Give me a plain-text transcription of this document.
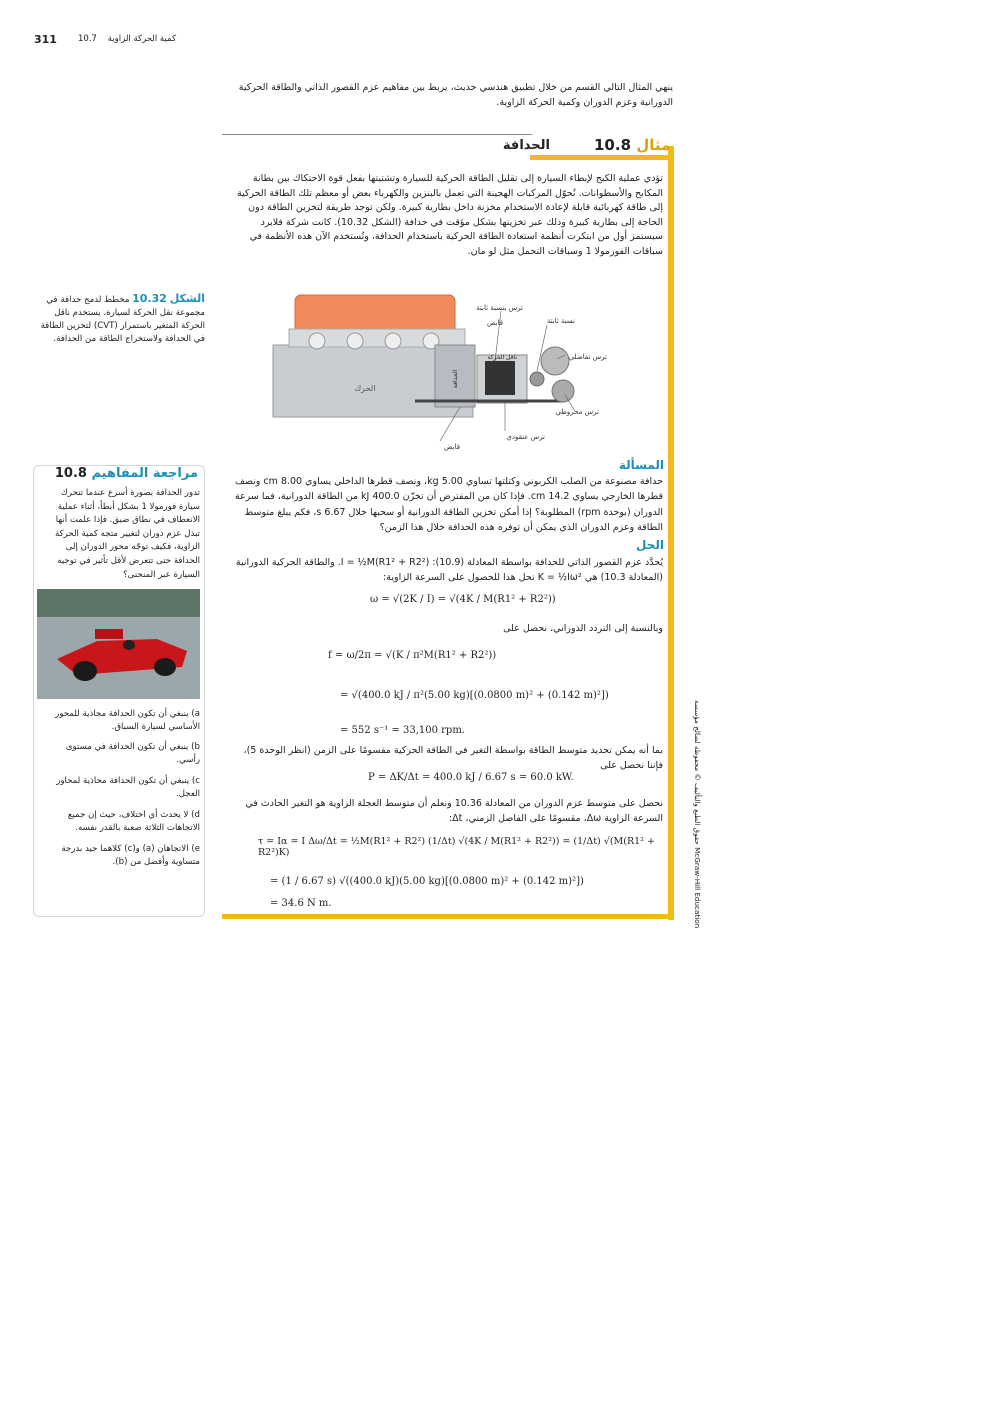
311	كمية الحركة الزاوية    10.7
ينهي المثال التالي القسم من خلال تطبيق هندسي حديث، يربط بين مفاهيم عزم القصور الذاتي والطاقة الحركية الدورانية وعزم الدوران وكمية الحركة الزاوية.
10.8 مثال
الحدافة
تؤدي عملية الكبح لإبطاء السيارة إلى تقليل الطاقة الحركية للسيارة وتشتيتها بفعل قوة الاحتكاك بين بطانة المكابح والأسطوانات. تُحوّل المركبات الهجينة التي تعمل بالبنزين والكهرباء بعض أو معظم تلك الطاقة الحركية إلى طاقة كهربائية قابلة لإعادة الاستخدام مخزنة داخل بطارية كبيرة. ولكن توجد طريقة لتخزين الطاقة دون الحاجة إلى بطارية كبيرة وذلك عبر تخزينها بشكل مؤقت في حدافة (الشكل 10.32). كانت شركة فلايرد سيستمز أول من ابتكرت أنظمة استعادة الطاقة الحركية باستخدام الحدافة، وتُستخدم الآن هذه الأنظمة في سباقات الفورمولا 1 وسباقات التحمل مثل لو مان.
ترس بنسبة ثابتة
قابض	نسبة ثابتة
ترس تفاضلي
ناقل الحركة
الحدافة
الحرك
ترس مخروطي
ترس عنقودي
قابض
المسألة
حدافة مصنوعة من الصلب الكربوني وكتلتها تساوي 5.00 kg، ونصف قطرها الداخلي يساوي 8.00 cm ونصف قطرها الخارجي يساوي 14.2 cm. فإذا كان من المفترض أن تخزّن 400.0 kJ من الطاقة الدورانية، فما سرعة الدوران (بوحدة rpm) المطلوبة؟ إذا أمكن تخزين الطاقة الدورانية أو سحبها خلال 6.67 s، فكم يبلغ متوسط الطاقة وعزم الدوران الذي يمكن أن توفره هذه الحدافة خلال هذا الزمن؟
الحل
يُحدَّد عزم القصور الذاتي للحدافة بواسطة المعادلة (10.9): I = ½M(R1² + R2²). والطاقة الحركية الدورانية (المعادلة 10.3) هي K = ½Iω² نحل هذا للحصول على السرعة الزاوية:
ω = √(2K / I) = √(4K / M(R1² + R2²))
وبالنسبة إلى التردد الدوراني، نحصل على
f = ω/2π = √(K / π²M(R1² + R2²))
= √(400.0 kJ / π²(5.00 kg)[(0.0800 m)² + (0.142 m)²])
= 552 s⁻¹ = 33,100 rpm.
بما أنه يمكن تحديد متوسط الطاقة بواسطة التغير في الطاقة الحركية مقسومًا على الزمن (انظر الوحدة 5)، فإننا نحصل على
P = ΔK/Δt = 400.0 kJ / 6.67 s = 60.0 kW.
نحصل على متوسط عزم الدوران من المعادلة 10.36 ونعلم أن متوسط العجلة الزاوية هو التغير الحادث في السرعة الزاوية Δω، مقسومًا على الفاصل الزمني، Δt:
τ = Iα = I Δω/Δt = ½M(R1² + R2²) (1/Δt) √(4K / M(R1² + R2²)) = (1/Δt) √(M(R1² + R2²)K)
= (1 / 6.67 s) √((400.0 kJ)(5.00 kg)[(0.0800 m)² + (0.142 m)²])
= 34.6 N m.
الشكل 10.32 مخطط لدمج حدافة في مجموعة نقل الحركة لسيارة. يستخدم ناقل الحركة المتغير باستمرار (CVT) لتخزين الطاقة في الحدافة ولاستخراج الطاقة من الحدافة.
مراجعة المفاهيم 10.8
تدور الحدافة بصورة أسرع عندما تتحرك سيارة فورمولا 1 بشكل أبطأ، أثناء عملية الانعطاف في نطاق ضيق. فإذا علمت أنها تبذل عزم دوران لتغيير متجه كمية الحركة الزاوية، فكيف توجّه محور الدوران إلى الحدافة حتى تتعرض لأقل تأثير في توجيه السيارة عبر المنحنى؟
a) ينبغي أن تكون الحدافة محاذية للمحور الأساسي لسيارة السباق.
b) ينبغي أن تكون الحدافة في مستوى رأسي.
c) ينبغي أن تكون الحدافة محاذية لمحاور العجل.
d) لا يحدث أي اختلاف، حيث إن جميع الاتجاهات الثلاثة صعبة بالقدر نفسه.
e) الاتجاهان (a) و(c) كلاهما جيد بدرجة متساوية وأفضل من (b).
حقوق الطبع والتأليف © محفوظة لصالح مؤسسة McGraw-Hill Education
